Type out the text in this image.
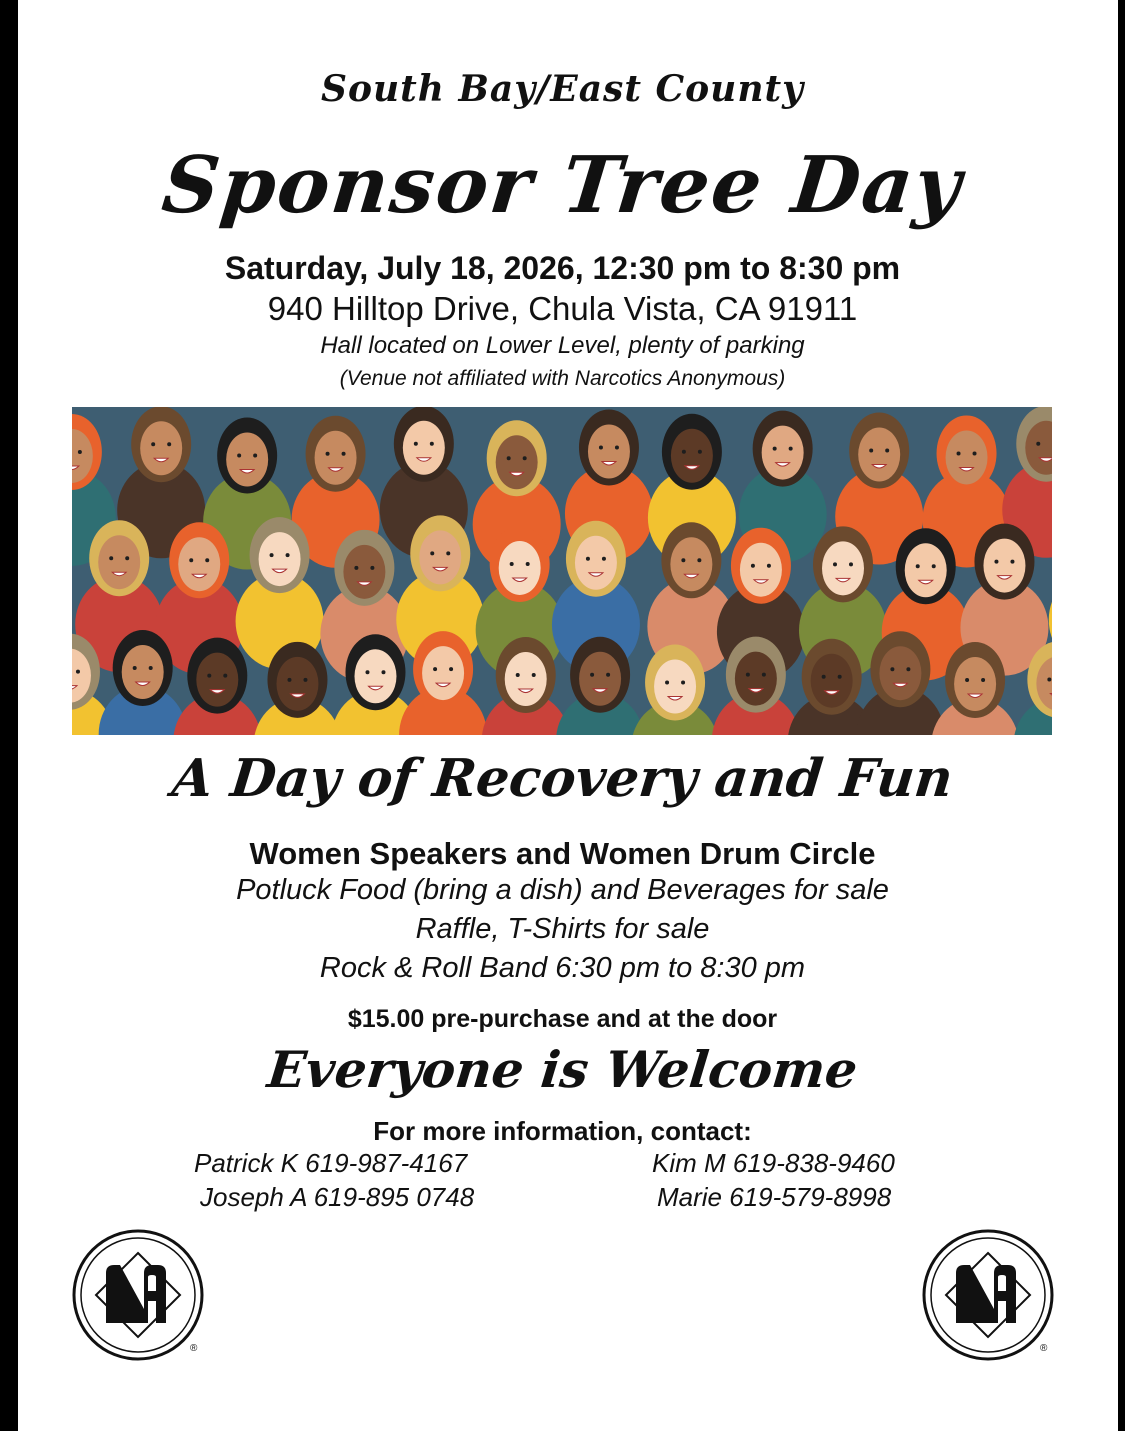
South Bay/East County
Sponsor Tree Day
Saturday, July 18, 2026, 12:30 pm to 8:30 pm
940 Hilltop Drive, Chula Vista, CA 91911
Hall located on Lower Level, plenty of parking
(Venue not affiliated with Narcotics Anonymous)
A Day of Recovery and Fun
Women Speakers and Women Drum Circle
Potluck Food (bring a dish) and Beverages for sale
Raffle, T-Shirts for sale
Rock & Roll Band 6:30 pm to 8:30 pm
$15.00 pre-purchase and at the door
Everyone is Welcome
For more information, contact:
Patrick K 619-987-4167	Kim M 619-838-9460
Joseph A 619-895 0748	Marie 619-579-8998
®	®
